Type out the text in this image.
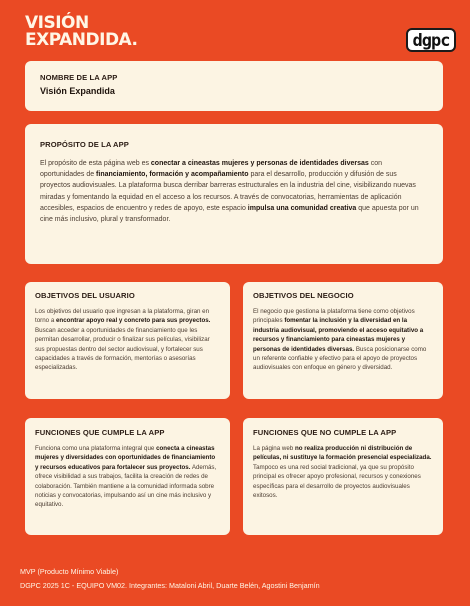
VISIÓN
EXPANDIDA.	dgpc
NOMBRE DE LA APP
Visión Expandida
PROPÓSITO DE LA APP

El propósito de esta página web es conectar a cineastas mujeres y personas de identidades diversas con oportunidades de financiamiento, formación y acompañamiento para el desarrollo, producción y difusión de sus proyectos audiovisuales. La plataforma busca derribar barreras estructurales en la industria del cine, visibilizando nuevas miradas y fomentando la equidad en el acceso a los recursos. A través de convocatorias, herramientas de aplicación accesibles, espacios de encuentro y redes de apoyo, este espacio impulsa una comunidad creativa que apuesta por un cine más inclusivo, plural y transformador.

OBJETIVOS DEL USUARIO

Los objetivos del usuario que ingresan a la plataforma, giran en torno a encontrar apoyo real y concreto para sus proyectos. Buscan acceder a oportunidades de financiamiento que les permitan desarrollar, producir o finalizar sus películas, visibilizar sus propuestas dentro del sector audiovisual, y fortalecer sus capacidades a través de formación, mentorías o asesorías especializadas.

OBJETIVOS DEL NEGOCIO

El negocio que gestiona la plataforma tiene como objetivos principales fomentar la inclusión y la diversidad en la industria audiovisual, promoviendo el acceso equitativo a recursos y financiamiento para cineastas mujeres y personas de identidades diversas. Busca posicionarse como un referente confiable y efectivo para el apoyo de proyectos audiovisuales con enfoque en género y diversidad.

FUNCIONES QUE CUMPLE LA APP

Funciona como una plataforma integral que conecta a cineastas mujeres y diversidades con oportunidades de financiamiento y recursos educativos para fortalecer sus proyectos. Además, ofrece visibilidad a sus trabajos, facilita la creación de redes de colaboración. También mantiene a la comunidad informada sobre noticias y convocatorias, impulsando así un cine más inclusivo y equitativo.

FUNCIONES QUE NO CUMPLE LA APP

La página web no realiza producción ni distribución de películas, ni sustituye la formación presencial especializada. Tampoco es una red social tradicional, ya que su propósito principal es ofrecer apoyo profesional, recursos y conexiones específicas para el desarrollo de proyectos audiovisuales exitosos.

MVP (Producto Mínimo Viable)
DGPC 2025 1C - EQUIPO VM02. Integrantes: Mataloni Abril, Duarte Belén, Agostini Benjamín
